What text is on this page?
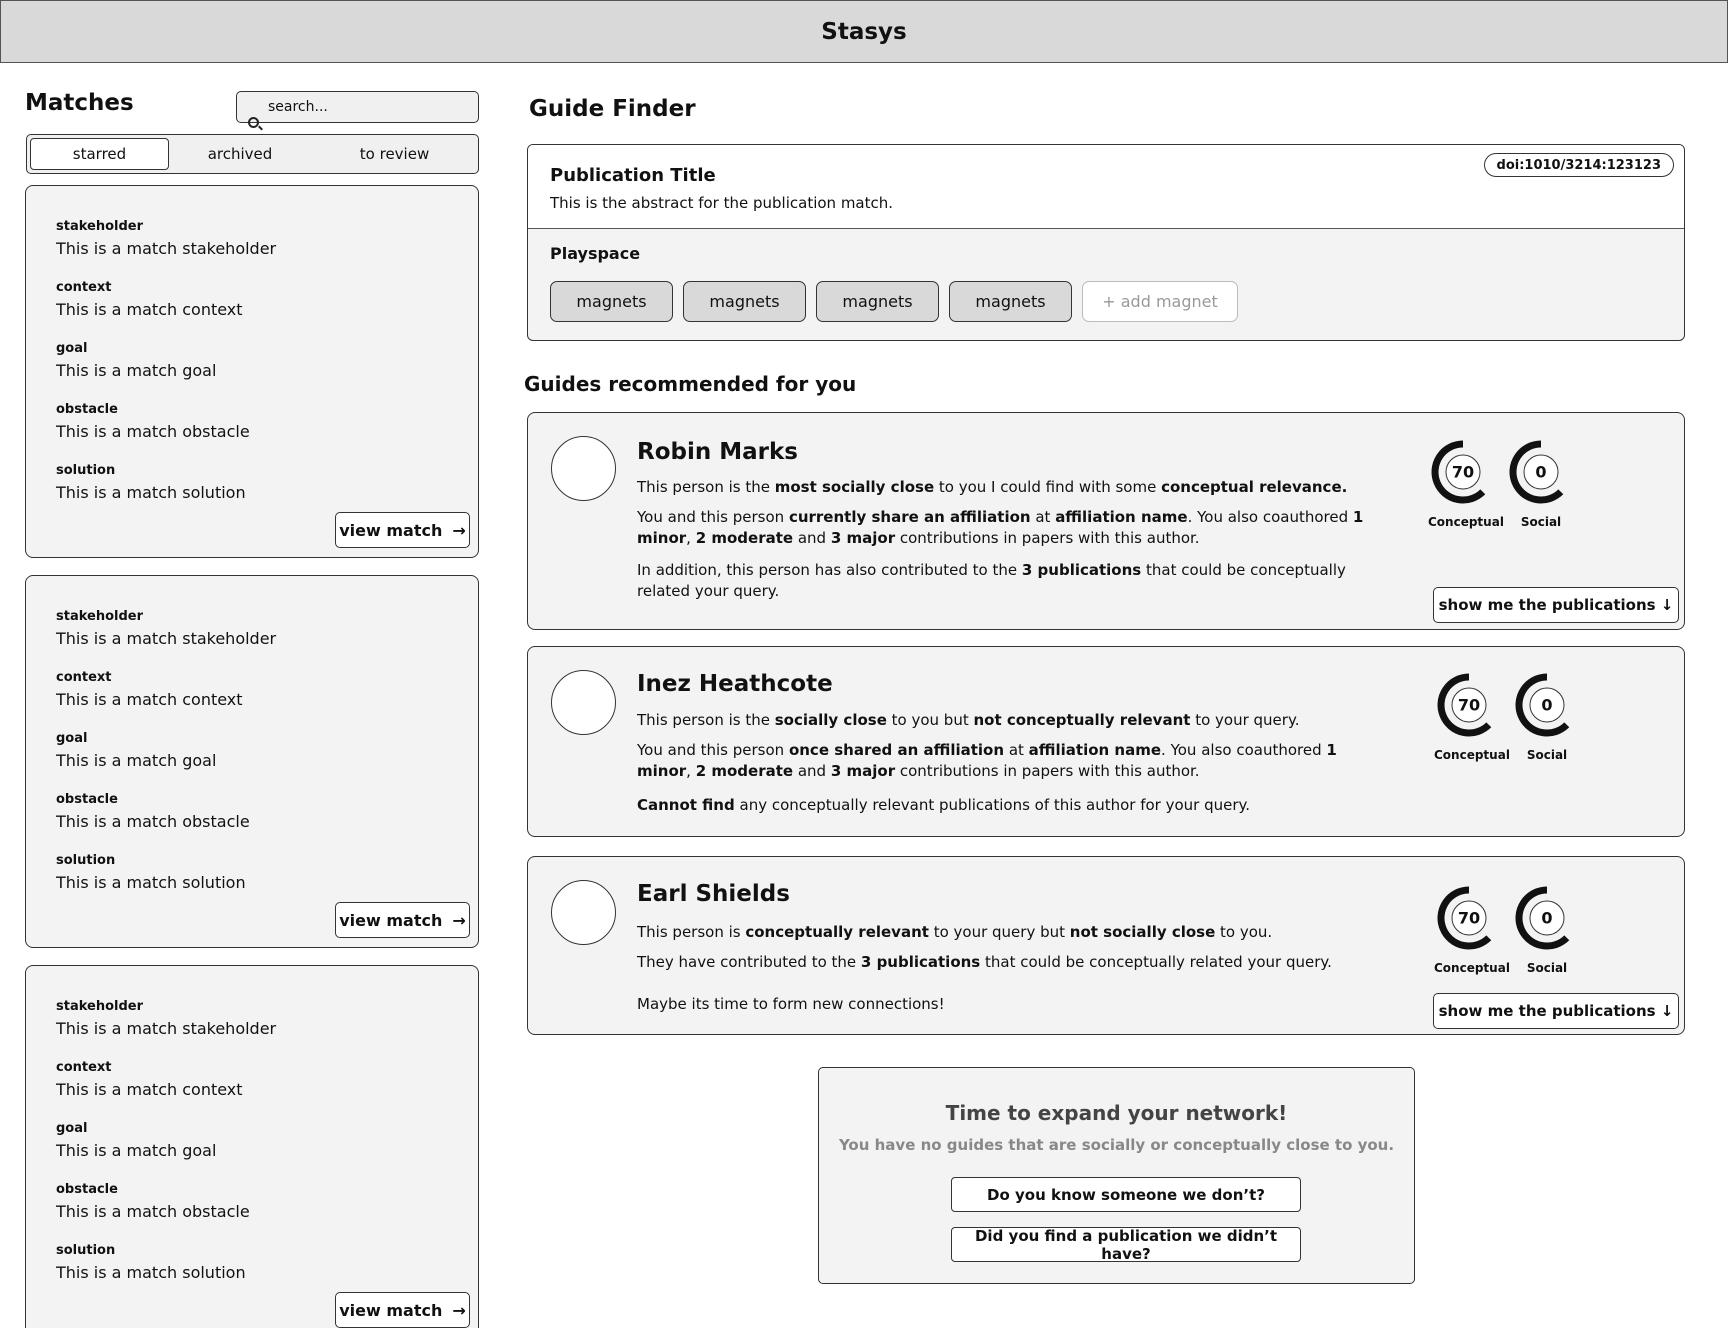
Stasys
Matches	search...
starred	archived	to review
stakeholder
This is a match stakeholder
context
This is a match context
goal
This is a match goal
obstacle
This is a match obstacle
solution
This is a match solution
view match →
stakeholder
This is a match stakeholder
context
This is a match context
goal
This is a match goal
obstacle
This is a match obstacle
solution
This is a match solution
view match →
stakeholder
This is a match stakeholder
context
This is a match context
goal
This is a match goal
obstacle
This is a match obstacle
solution
This is a match solution
view match →
Guide Finder
Publication Title
This is the abstract for the publication match.
doi:1010/3214:123123
Playspace
magnets	magnets	magnets	magnets	+ add magnet
Guides recommended for you
Robin Marks
This person is the most socially close to you I could find with some conceptual relevance.
You and this person currently share an affiliation at affiliation name. You also coauthored 1 minor, 2 moderate and 3 major contributions in papers with this author.
In addition, this person has also contributed to the 3 publications that could be conceptually related your query.
70
Conceptual
0
Social
show me the publications ↓
Inez Heathcote
This person is the socially close to you but not conceptually relevant to your query.
You and this person once shared an affiliation at affiliation name. You also coauthored 1 minor, 2 moderate and 3 major contributions in papers with this author.
Cannot find any conceptually relevant publications of this author for your query.
70
Conceptual
0
Social
Earl Shields
This person is conceptually relevant to your query but not socially close to you.
They have contributed to the 3 publications that could be conceptually related your query.
Maybe its time to form new connections!
70
Conceptual
0
Social
show me the publications ↓
Time to expand your network!
You have no guides that are socially or conceptually close to you.
Do you know someone we don’t?
Did you find a publication we didn’t have?
